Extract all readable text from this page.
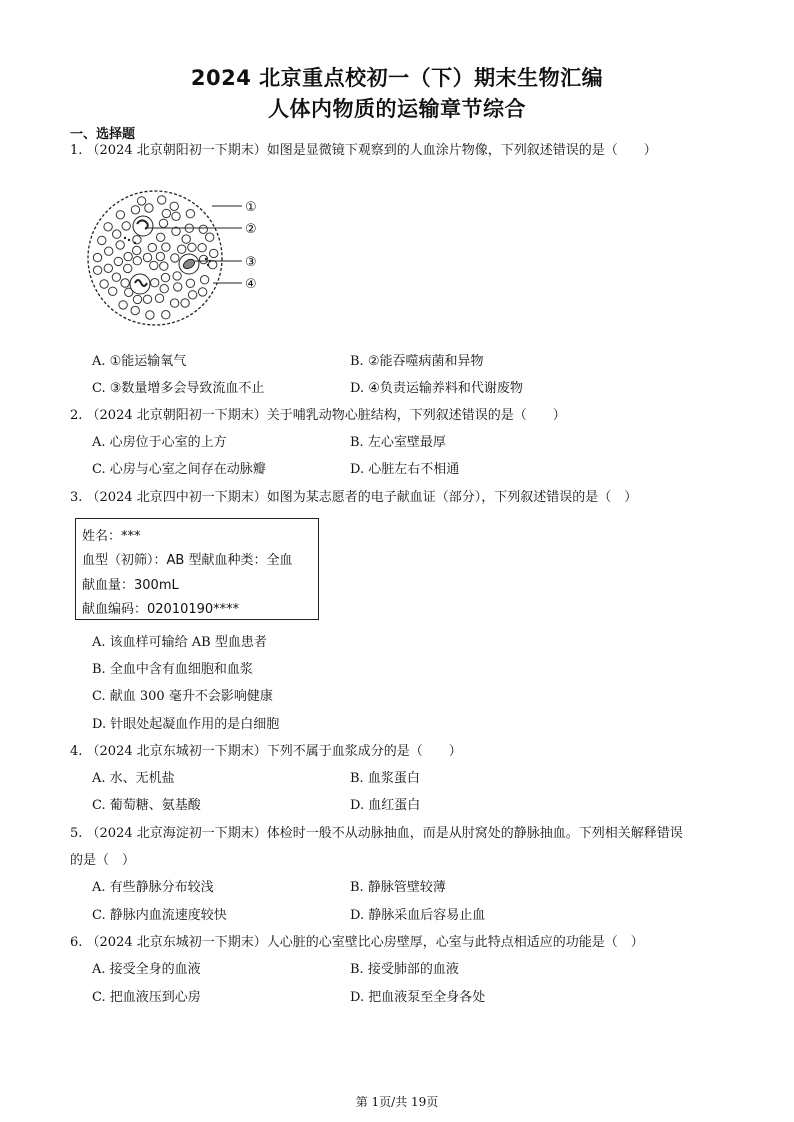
2024 北京重点校初一（下）期末生物汇编
人体内物质的运输章节综合
一、选择题
1. （2024 北京朝阳初一下期末）如图是显微镜下观察到的人血涂片物像，下列叙述错误的是（　　）
①
②
③
④
A. ①能运输氧气	B. ②能吞噬病菌和异物
C. ③数量增多会导致流血不止	D. ④负责运输养料和代谢废物
2. （2024 北京朝阳初一下期末）关于哺乳动物心脏结构，下列叙述错误的是（　　）
A. 心房位于心室的上方	B. 左心室壁最厚
C. 心房与心室之间存在动脉瓣	D. 心脏左右不相通
3. （2024 北京四中初一下期末）如图为某志愿者的电子献血证（部分），下列叙述错误的是（　）
姓名：***
血型（初筛）：AB 型献血种类：全血
献血量：300mL
献血编码：02010190****
A. 该血样可输给 AB 型血患者
B. 全血中含有血细胞和血浆
C. 献血 300 毫升不会影响健康
D. 针眼处起凝血作用的是白细胞
4. （2024 北京东城初一下期末）下列不属于血浆成分的是（　　）
A. 水、无机盐	B. 血浆蛋白
C. 葡萄糖、氨基酸	D. 血红蛋白
5. （2024 北京海淀初一下期末）体检时一般不从动脉抽血，而是从肘窝处的静脉抽血。下列相关解释错误
的是（　）
A. 有些静脉分布较浅	B. 静脉管壁较薄
C. 静脉内血流速度较快	D. 静脉采血后容易止血
6. （2024 北京东城初一下期末）人心脏的心室壁比心房壁厚，心室与此特点相适应的功能是（　）
A. 接受全身的血液	B. 接受肺部的血液
C. 把血液压到心房	D. 把血液泵至全身各处
第 1页/共 19页
